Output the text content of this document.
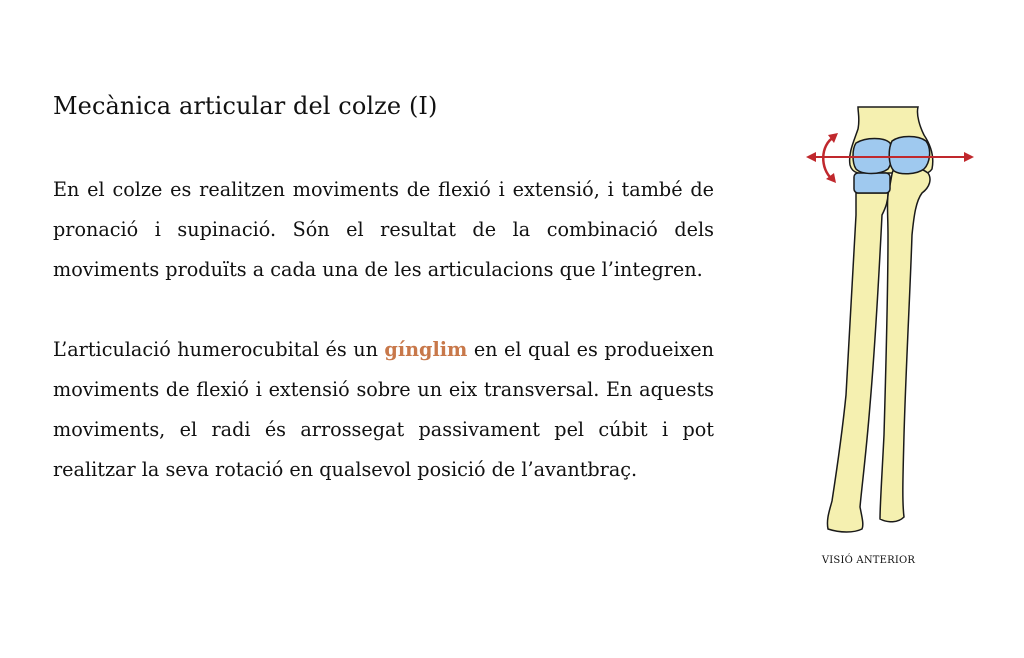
Mecànica articular del colze (I)

En el colze es realitzen moviments de flexió i extensió, i també de pronació i supinació. Són el resultat de la combinació dels moviments produïts a cada una de les articulacions que l’integren.

L’articulació humerocubital és un gínglim en el qual es produeixen moviments de flexió i extensió sobre un eix transversal. En aquests moviments, el radi és arrossegat passivament pel cúbit i pot realitzar la seva rotació en qualsevol posició de l’avantbraç.

VISIÓ ANTERIOR
